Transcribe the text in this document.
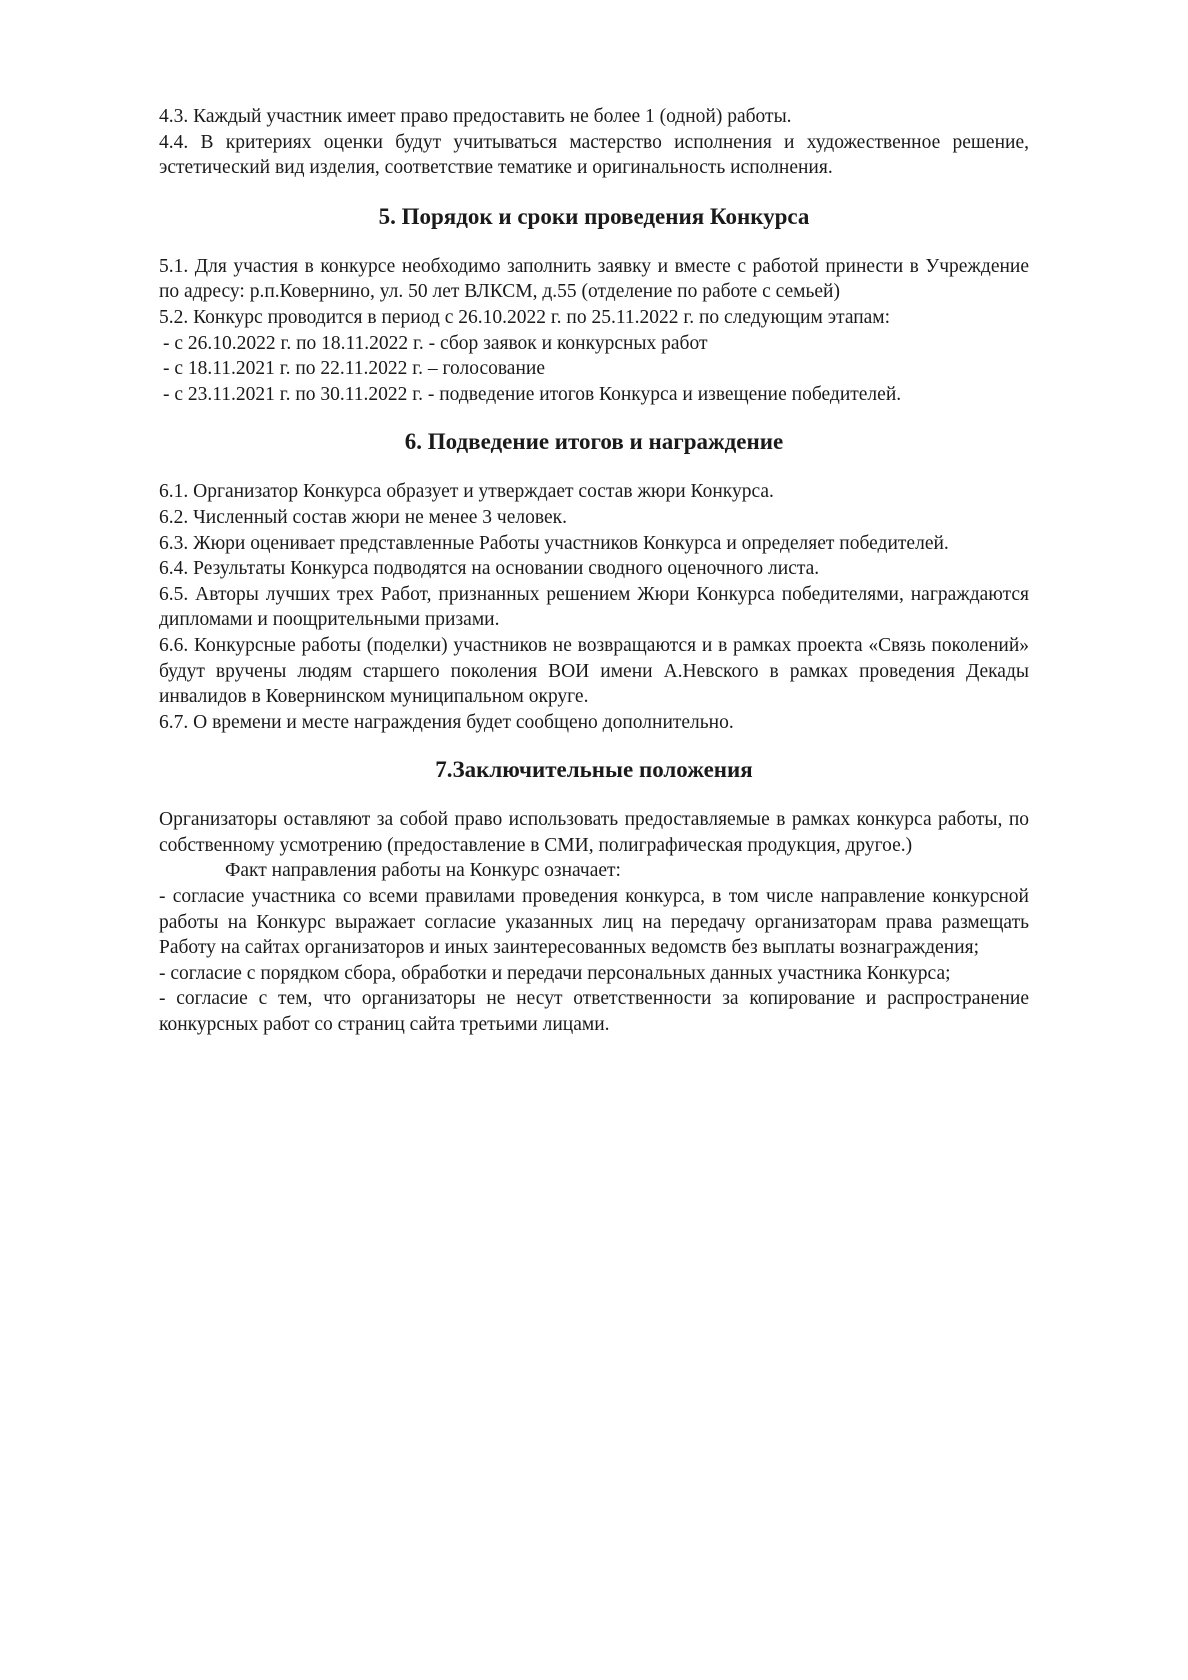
4.3. Каждый участник имеет право предоставить не более 1 (одной) работы.

4.4. В критериях оценки будут учитываться мастерство исполнения и художественное решение, эстетический вид изделия, соответствие тематике и оригинальность исполнения.

5. Порядок и сроки проведения Конкурса

5.1. Для участия в конкурсе необходимо заполнить заявку и вместе с работой принести в Учреждение по адресу: р.п.Ковернино, ул. 50 лет ВЛКСМ, д.55 (отделение по работе с семьей)

5.2. Конкурс проводится в период с 26.10.2022 г. по 25.11.2022 г. по следующим этапам:

- с 26.10.2022 г. по 18.11.2022 г. - сбор заявок и конкурсных работ

- с 18.11.2021 г. по 22.11.2022 г. – голосование

- с 23.11.2021 г. по 30.11.2022 г. - подведение итогов Конкурса и извещение победителей.

6. Подведение итогов и награждение

6.1. Организатор Конкурса образует и утверждает состав жюри Конкурса.

6.2. Численный состав жюри не менее 3 человек.

6.3. Жюри оценивает представленные Работы участников Конкурса и определяет победителей.

6.4. Результаты Конкурса подводятся на основании сводного оценочного листа.

6.5. Авторы лучших трех Работ, признанных решением Жюри Конкурса победителями, награждаются дипломами и поощрительными призами.

6.6. Конкурсные работы (поделки) участников не возвращаются и в рамках проекта «Связь поколений» будут вручены людям старшего поколения ВОИ имени А.Невского в рамках проведения Декады инвалидов в Ковернинском муниципальном округе.

6.7. О времени и месте награждения будет сообщено дополнительно.

7.Заключительные положения

Организаторы оставляют за собой право использовать предоставляемые в рамках конкурса работы, по собственному усмотрению (предоставление в СМИ, полиграфическая продукция, другое.)

Факт направления работы на Конкурс означает:

- согласие участника со всеми правилами проведения конкурса, в том числе направление конкурсной работы на Конкурс выражает согласие указанных лиц на передачу организаторам права размещать Работу на сайтах организаторов и иных заинтересованных ведомств без выплаты вознаграждения;

- согласие с порядком сбора, обработки и передачи персональных данных участника Конкурса;

- согласие с тем, что организаторы не несут ответственности за копирование и распространение конкурсных работ со страниц сайта третьими лицами.
